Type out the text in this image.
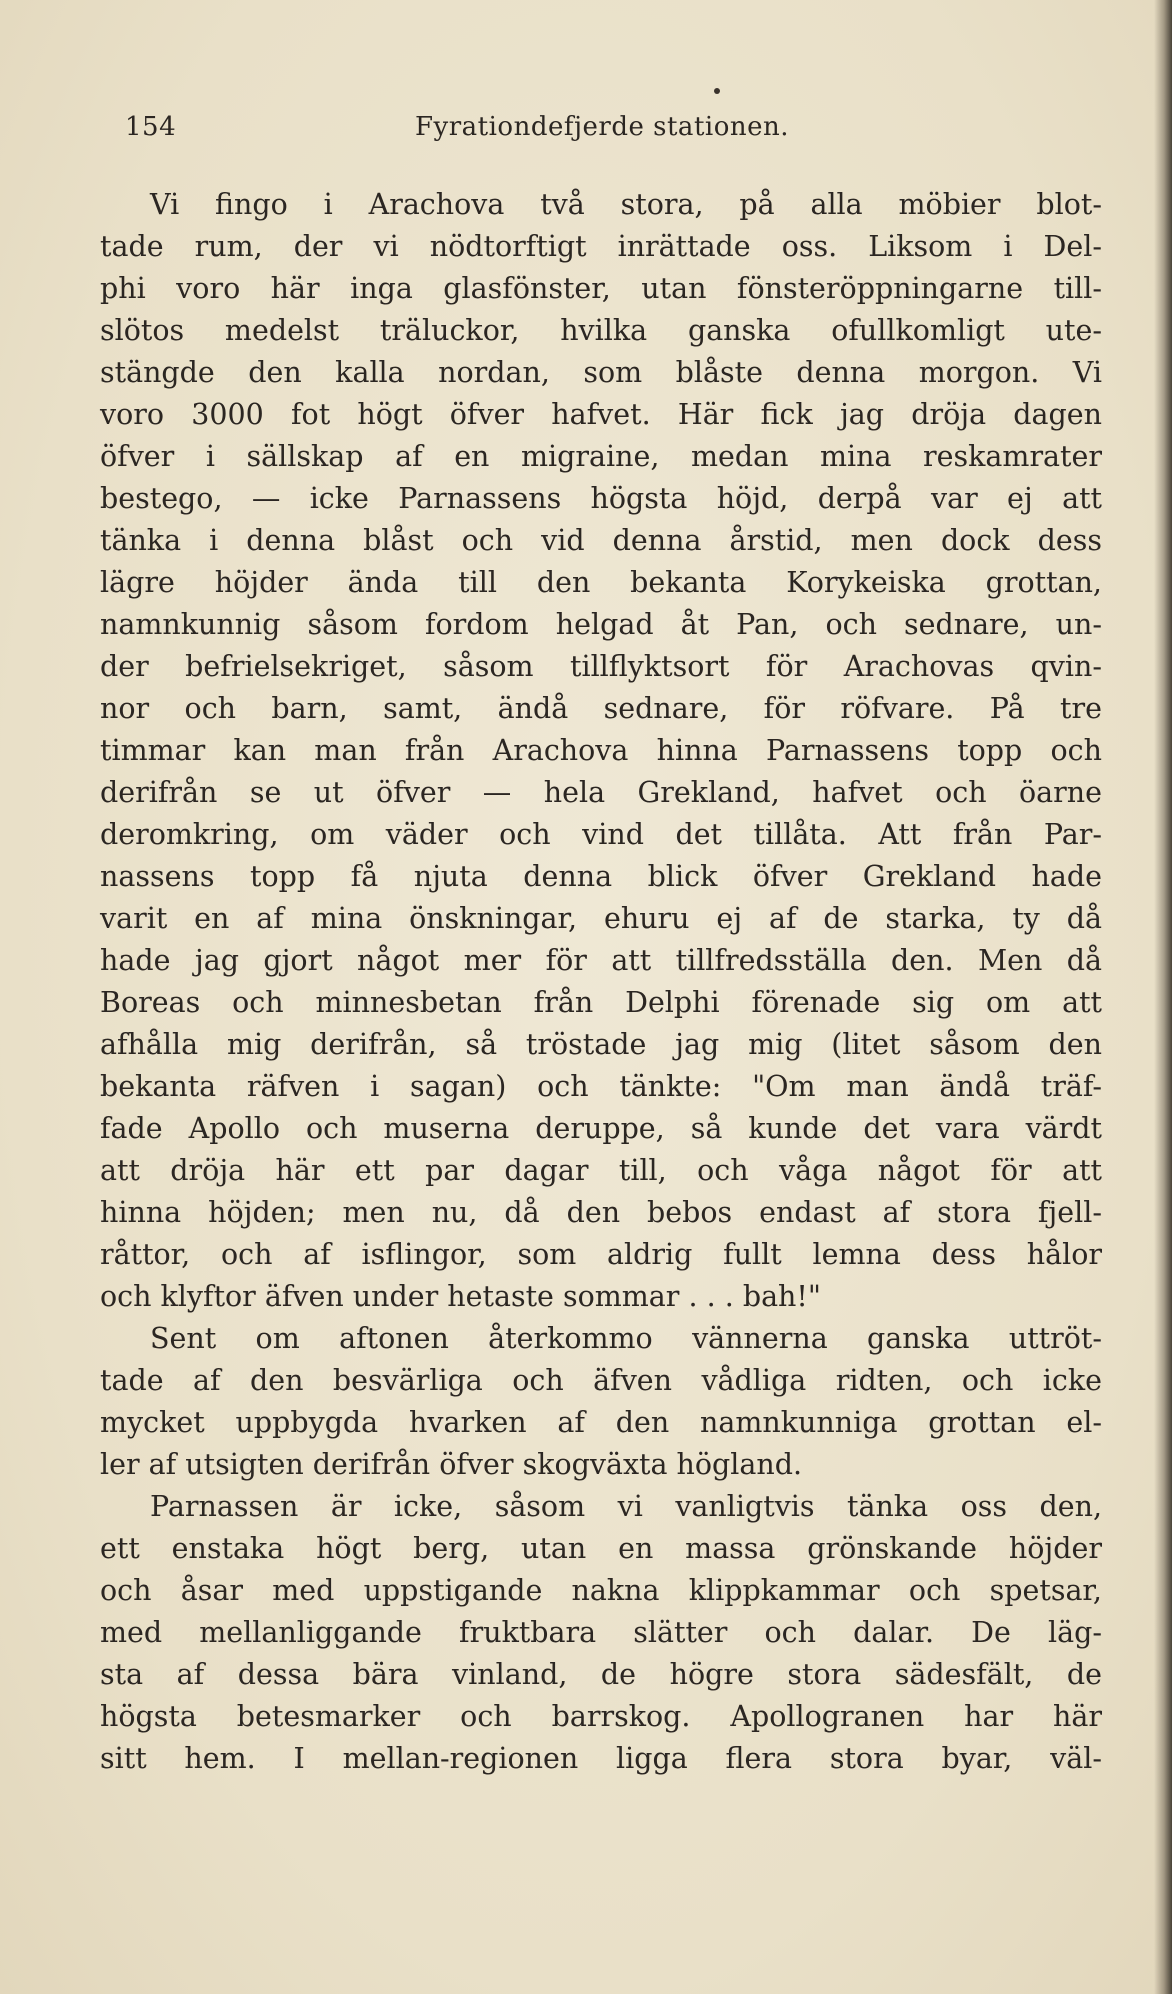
154	Fyrationdefjerde stationen.
Vi fingo i Arachova två stora, på alla möbier blot-
tade rum, der vi nödtorftigt inrättade oss. Liksom i Del-
phi voro här inga glasfönster, utan fönsteröppningarne till-
slötos medelst träluckor, hvilka ganska ofullkomligt ute-
stängde den kalla nordan, som blåste denna morgon. Vi
voro 3000 fot högt öfver hafvet. Här fick jag dröja dagen
öfver i sällskap af en migraine, medan mina reskamrater
bestego, — icke Parnassens högsta höjd, derpå var ej att
tänka i denna blåst och vid denna årstid, men dock dess
lägre höjder ända till den bekanta Korykeiska grottan,
namnkunnig såsom fordom helgad åt Pan, och sednare, un-
der befrielsekriget, såsom tillflyktsort för Arachovas qvin-
nor och barn, samt, ändå sednare, för röfvare. På tre
timmar kan man från Arachova hinna Parnassens topp och
derifrån se ut öfver — hela Grekland, hafvet och öarne
deromkring, om väder och vind det tillåta. Att från Par-
nassens topp få njuta denna blick öfver Grekland hade
varit en af mina önskningar, ehuru ej af de starka, ty då
hade jag gjort något mer för att tillfredsställa den. Men då
Boreas och minnesbetan från Delphi förenade sig om att
afhålla mig derifrån, så tröstade jag mig (litet såsom den
bekanta räfven i sagan) och tänkte: "Om man ändå träf-
fade Apollo och muserna deruppe, så kunde det vara värdt
att dröja här ett par dagar till, och våga något för att
hinna höjden; men nu, då den bebos endast af stora fjell-
råttor, och af isflingor, som aldrig fullt lemna dess hålor
och klyftor äfven under hetaste sommar . . . bah!"
Sent om aftonen återkommo vännerna ganska uttröt-
tade af den besvärliga och äfven vådliga ridten, och icke
mycket uppbygda hvarken af den namnkunniga grottan el-
ler af utsigten derifrån öfver skogväxta högland.
Parnassen är icke, såsom vi vanligtvis tänka oss den,
ett enstaka högt berg, utan en massa grönskande höjder
och åsar med uppstigande nakna klippkammar och spetsar,
med mellanliggande fruktbara slätter och dalar. De läg-
sta af dessa bära vinland, de högre stora sädesfält, de
högsta betesmarker och barrskog. Apollogranen har här
sitt hem. I mellan-regionen ligga flera stora byar, väl-
